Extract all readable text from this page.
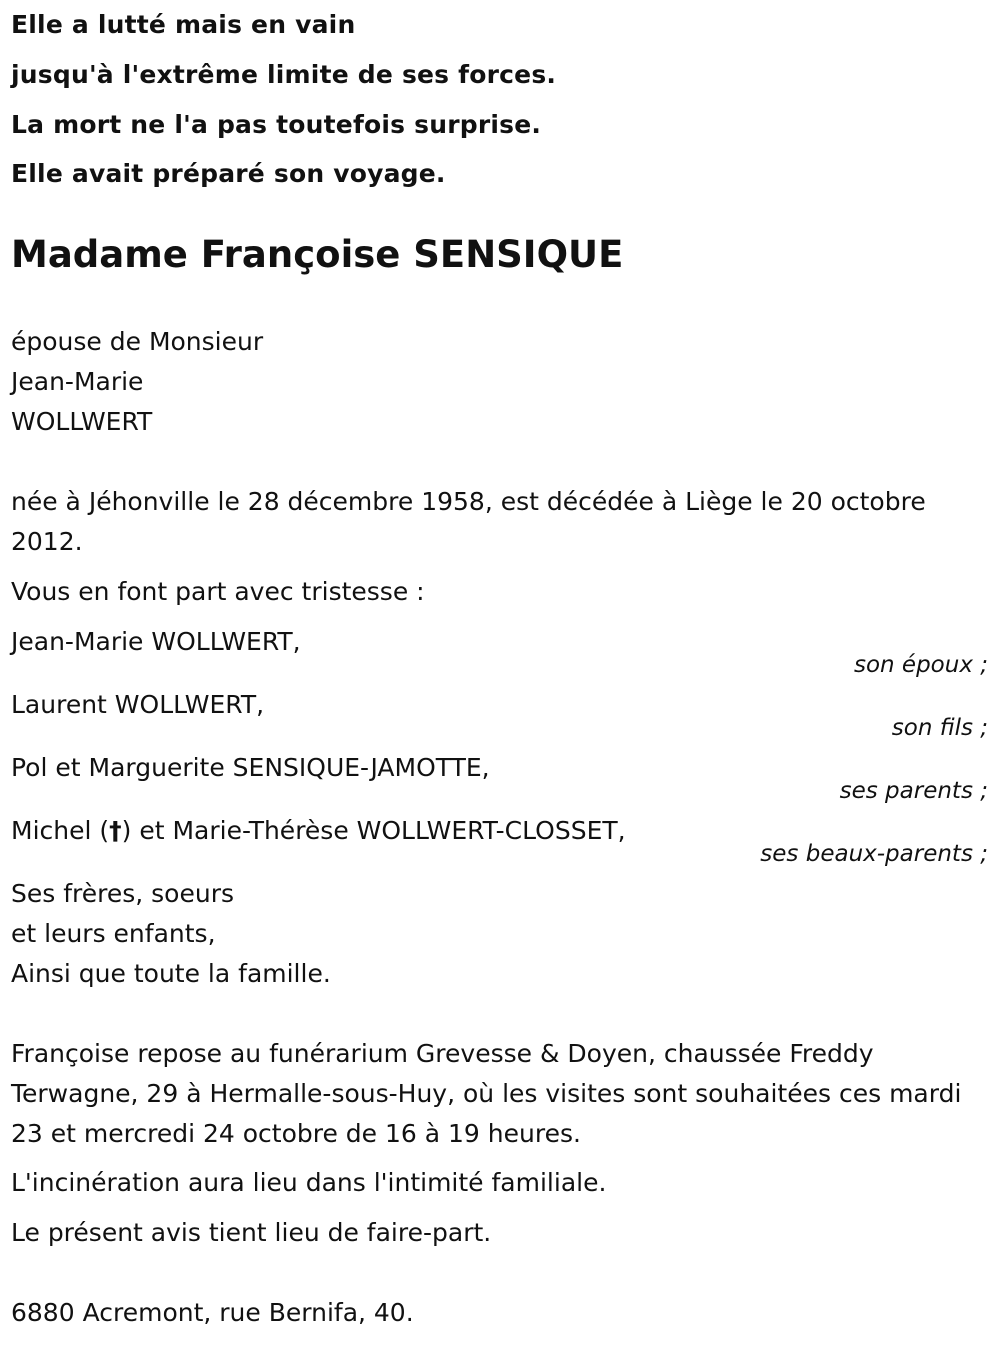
Elle a lutté mais en vain
jusqu'à l'extrême limite de ses forces.
La mort ne l'a pas toutefois surprise.
Elle avait préparé son voyage.
Madame Françoise SENSIQUE
épouse de Monsieur
Jean-Marie
WOLLWERT
née à Jéhonville le 28 décembre 1958, est décédée à Liège le 20 octobre 2012.
Vous en font part avec tristesse :
Jean-Marie WOLLWERT,
son époux ;
Laurent WOLLWERT,
son fils ;
Pol et Marguerite SENSIQUE-JAMOTTE,
ses parents ;
Michel (†) et Marie-Thérèse WOLLWERT-CLOSSET,
ses beaux-parents ;
Ses frères, soeurs
et leurs enfants,
Ainsi que toute la famille.
Françoise repose au funérarium Grevesse & Doyen, chaussée Freddy Terwagne, 29 à Hermalle-sous-Huy, où les visites sont souhaitées ces mardi 23 et mercredi 24 octobre de 16 à 19 heures.
L'incinération aura lieu dans l'intimité familiale.
Le présent avis tient lieu de faire-part.
6880 Acremont, rue Bernifa, 40.
